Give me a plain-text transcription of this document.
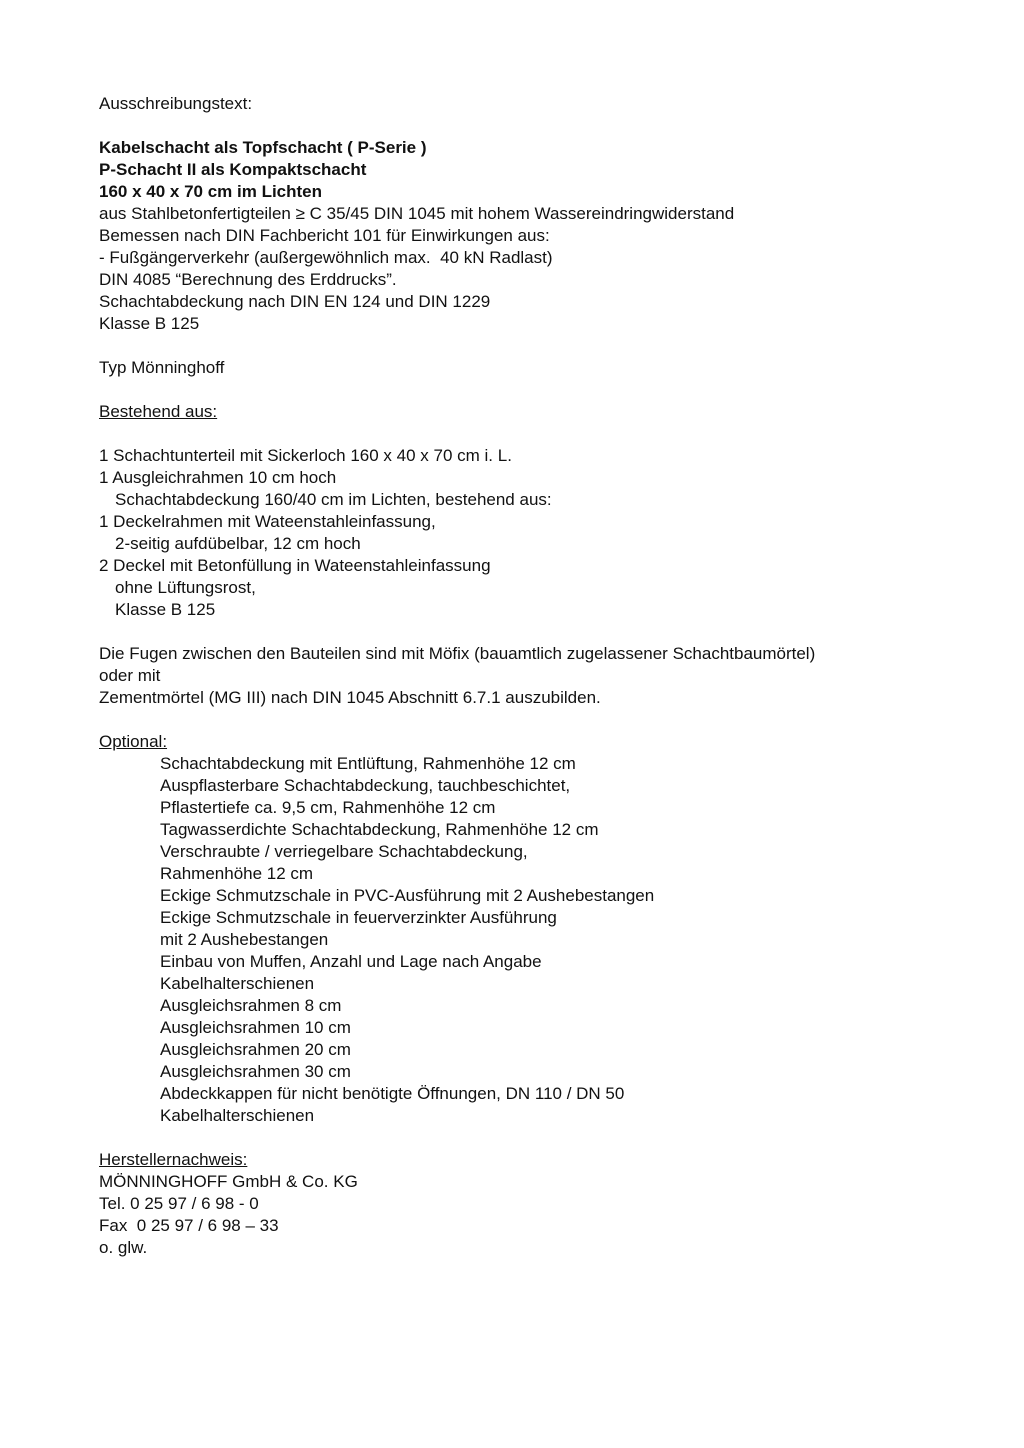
Ausschreibungstext:
Kabelschacht als Topfschacht ( P-Serie )
P-Schacht II als Kompaktschacht
160 x 40 x 70 cm im Lichten
aus Stahlbetonfertigteilen ≥ C 35/45 DIN 1045 mit hohem Wassereindringwiderstand
Bemessen nach DIN Fachbericht 101 für Einwirkungen aus:
- Fußgängerverkehr (außergewöhnlich max.  40 kN Radlast)
DIN 4085 “Berechnung des Erddrucks”.
Schachtabdeckung nach DIN EN 124 und DIN 1229
Klasse B 125
Typ Mönninghoff
Bestehend aus:
1 Schachtunterteil mit Sickerloch 160 x 40 x 70 cm i. L.
1 Ausgleichrahmen 10 cm hoch
Schachtabdeckung 160/40 cm im Lichten, bestehend aus:
1 Deckelrahmen mit Wateenstahleinfassung,
2-seitig aufdübelbar, 12 cm hoch
2 Deckel mit Betonfüllung in Wateenstahleinfassung
ohne Lüftungsrost,
Klasse B 125
Die Fugen zwischen den Bauteilen sind mit Möfix (bauamtlich zugelassener Schachtbaumörtel)
oder mit
Zementmörtel (MG III) nach DIN 1045 Abschnitt 6.7.1 auszubilden.
Optional:
Schachtabdeckung mit Entlüftung, Rahmenhöhe 12 cm
Auspflasterbare Schachtabdeckung, tauchbeschichtet,
Pflastertiefe ca. 9,5 cm, Rahmenhöhe 12 cm
Tagwasserdichte Schachtabdeckung, Rahmenhöhe 12 cm
Verschraubte / verriegelbare Schachtabdeckung,
Rahmenhöhe 12 cm
Eckige Schmutzschale in PVC-Ausführung mit 2 Aushebestangen
Eckige Schmutzschale in feuerverzinkter Ausführung
mit 2 Aushebestangen
Einbau von Muffen, Anzahl und Lage nach Angabe
Kabelhalterschienen
Ausgleichsrahmen 8 cm
Ausgleichsrahmen 10 cm
Ausgleichsrahmen 20 cm
Ausgleichsrahmen 30 cm
Abdeckkappen für nicht benötigte Öffnungen, DN 110 / DN 50
Kabelhalterschienen
Herstellernachweis:
MÖNNINGHOFF GmbH & Co. KG
Tel. 0 25 97 / 6 98 - 0
Fax  0 25 97 / 6 98 – 33
o. glw.
